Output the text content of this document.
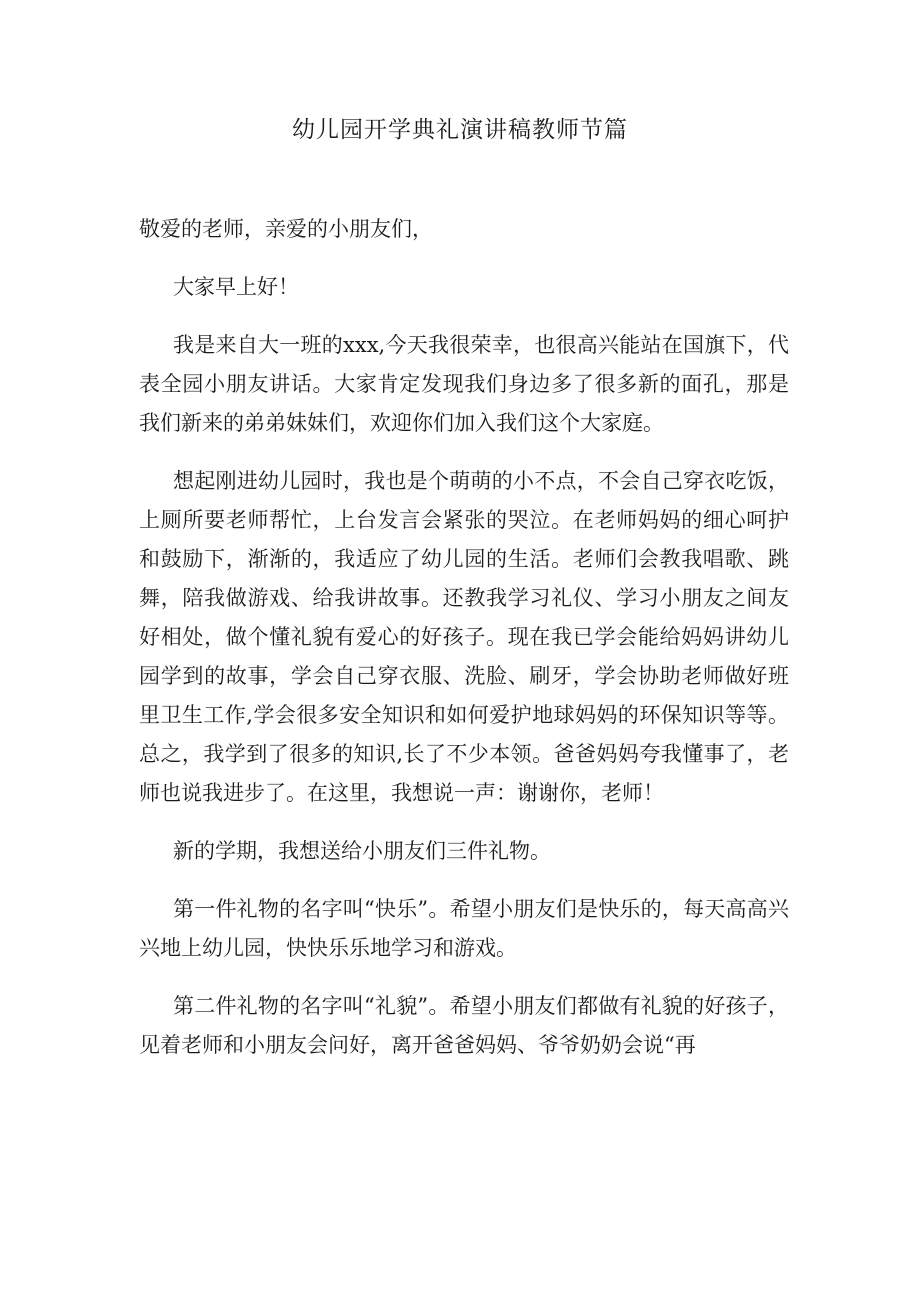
幼儿园开学典礼演讲稿教师节篇

敬爱的老师，亲爱的小朋友们，

大家早上好！

我是来自大一班的xxx,今天我很荣幸，也很高兴能站在国旗下，代表全园小朋友讲话。大家肯定发现我们身边多了很多新的面孔，那是我们新来的弟弟妹妹们，欢迎你们加入我们这个大家庭。

想起刚进幼儿园时，我也是个萌萌的小不点，不会自己穿衣吃饭，上厕所要老师帮忙，上台发言会紧张的哭泣。在老师妈妈的细心呵护和鼓励下，渐渐的，我适应了幼儿园的生活。老师们会教我唱歌、跳舞，陪我做游戏、给我讲故事。还教我学习礼仪、学习小朋友之间友好相处，做个懂礼貌有爱心的好孩子。现在我已学会能给妈妈讲幼儿园学到的故事，学会自己穿衣服、洗脸、刷牙，学会协助老师做好班里卫生工作,学会很多安全知识和如何爱护地球妈妈的环保知识等等。总之，我学到了很多的知识,长了不少本领。爸爸妈妈夸我懂事了，老师也说我进步了。在这里，我想说一声：谢谢你，老师！

新的学期，我想送给小朋友们三件礼物。

第一件礼物的名字叫“快乐”。希望小朋友们是快乐的，每天高高兴兴地上幼儿园，快快乐乐地学习和游戏。

第二件礼物的名字叫“礼貌”。希望小朋友们都做有礼貌的好孩子，见着老师和小朋友会问好，离开爸爸妈妈、爷爷奶奶会说“再
